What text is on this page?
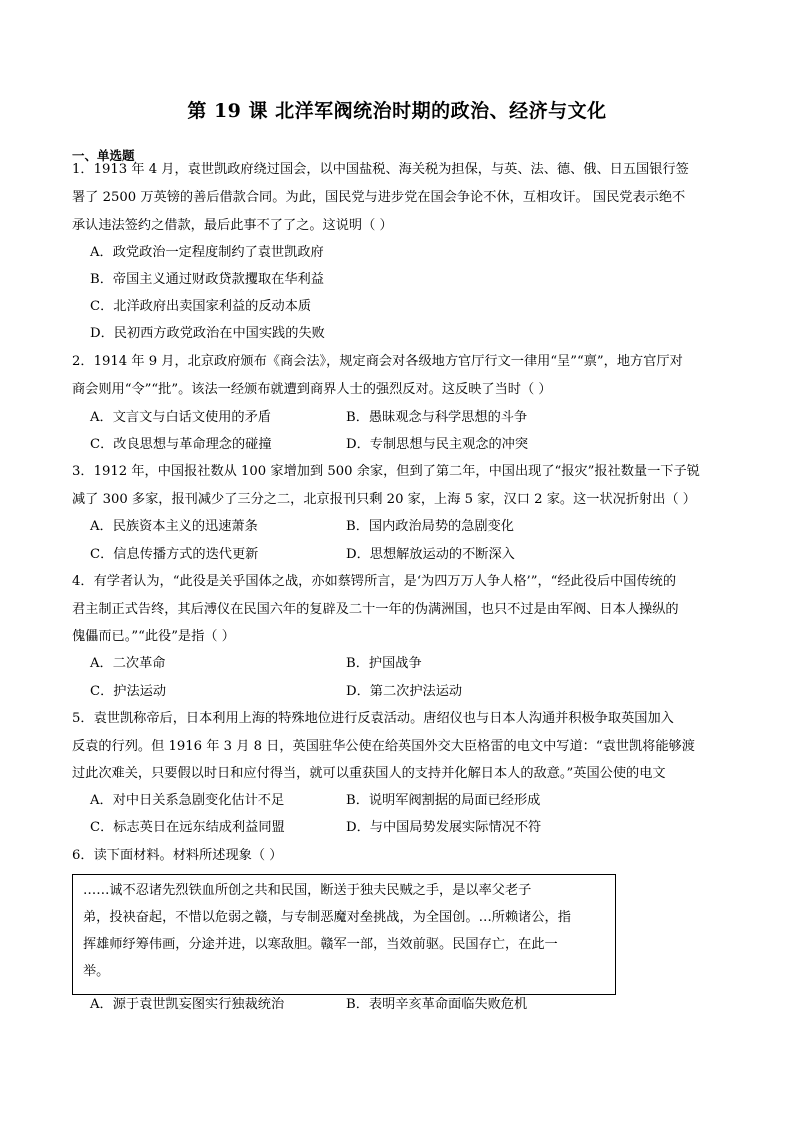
第 19 课 北洋军阀统治时期的政治、经济与文化
一、单选题
1．1913 年 4 月，袁世凯政府绕过国会，以中国盐税、海关税为担保，与英、法、德、俄、日五国银行签
署了 2500 万英镑的善后借款合同。为此，国民党与进步党在国会争论不休，互相攻讦。 国民党表示绝不
承认违法签约之借款，最后此事不了了之。这说明（ ）
A．政党政治一定程度制约了袁世凯政府
B．帝国主义通过财政贷款攫取在华利益
C．北洋政府出卖国家利益的反动本质
D．民初西方政党政治在中国实践的失败
2．1914 年 9 月，北京政府颁布《商会法》，规定商会对各级地方官厅行文一律用“呈”“禀”，地方官厅对
商会则用“令”“批”。该法一经颁布就遭到商界人士的强烈反对。这反映了当时（ ）
A．文言文与白话文使用的矛盾	B．愚昧观念与科学思想的斗争
C．改良思想与革命理念的碰撞	D．专制思想与民主观念的冲突
3．1912 年，中国报社数从 100 家增加到 500 余家，但到了第二年，中国出现了“报灾”报社数量一下子锐
减了 300 多家，报刊减少了三分之二，北京报刊只剩 20 家，上海 5 家，汉口 2 家。这一状况折射出（ ）
A．民族资本主义的迅速萧条	B．国内政治局势的急剧变化
C．信息传播方式的迭代更新	D．思想解放运动的不断深入
4．有学者认为，“此役是关乎国体之战，亦如蔡锷所言，是‘为四万万人争人格’”，“经此役后中国传统的
君主制正式告终，其后溥仪在民国六年的复辟及二十一年的伪满洲国，也只不过是由军阀、日本人操纵的
傀儡而已。”“此役”是指（ ）
A．二次革命	B．护国战争
C．护法运动	D．第二次护法运动
5．袁世凯称帝后，日本利用上海的特殊地位进行反袁活动。唐绍仪也与日本人沟通并积极争取英国加入
反袁的行列。但 1916 年 3 月 8 日，英国驻华公使在给英国外交大臣格雷的电文中写道：“袁世凯将能够渡
过此次难关，只要假以时日和应付得当，就可以重获国人的支持并化解日本人的敌意。”英国公使的电文
A．对中日关系急剧变化估计不足	B．说明军阀割据的局面已经形成
C．标志英日在远东结成利益同盟	D．与中国局势发展实际情况不符
6．读下面材料。材料所述现象（ ）
……诚不忍诸先烈铁血所创之共和民国，断送于独夫民贼之手，是以率父老子
弟，投袂奋起，不惜以危弱之赣，与专制恶魔对垒挑战，为全国创。…所赖诸公，指
挥雄师纾筹伟画，分途并进，以寒敌胆。赣军一部，当效前驱。民国存亡，在此一
举。
A．源于袁世凯妄图实行独裁统治	B．表明辛亥革命面临失败危机
